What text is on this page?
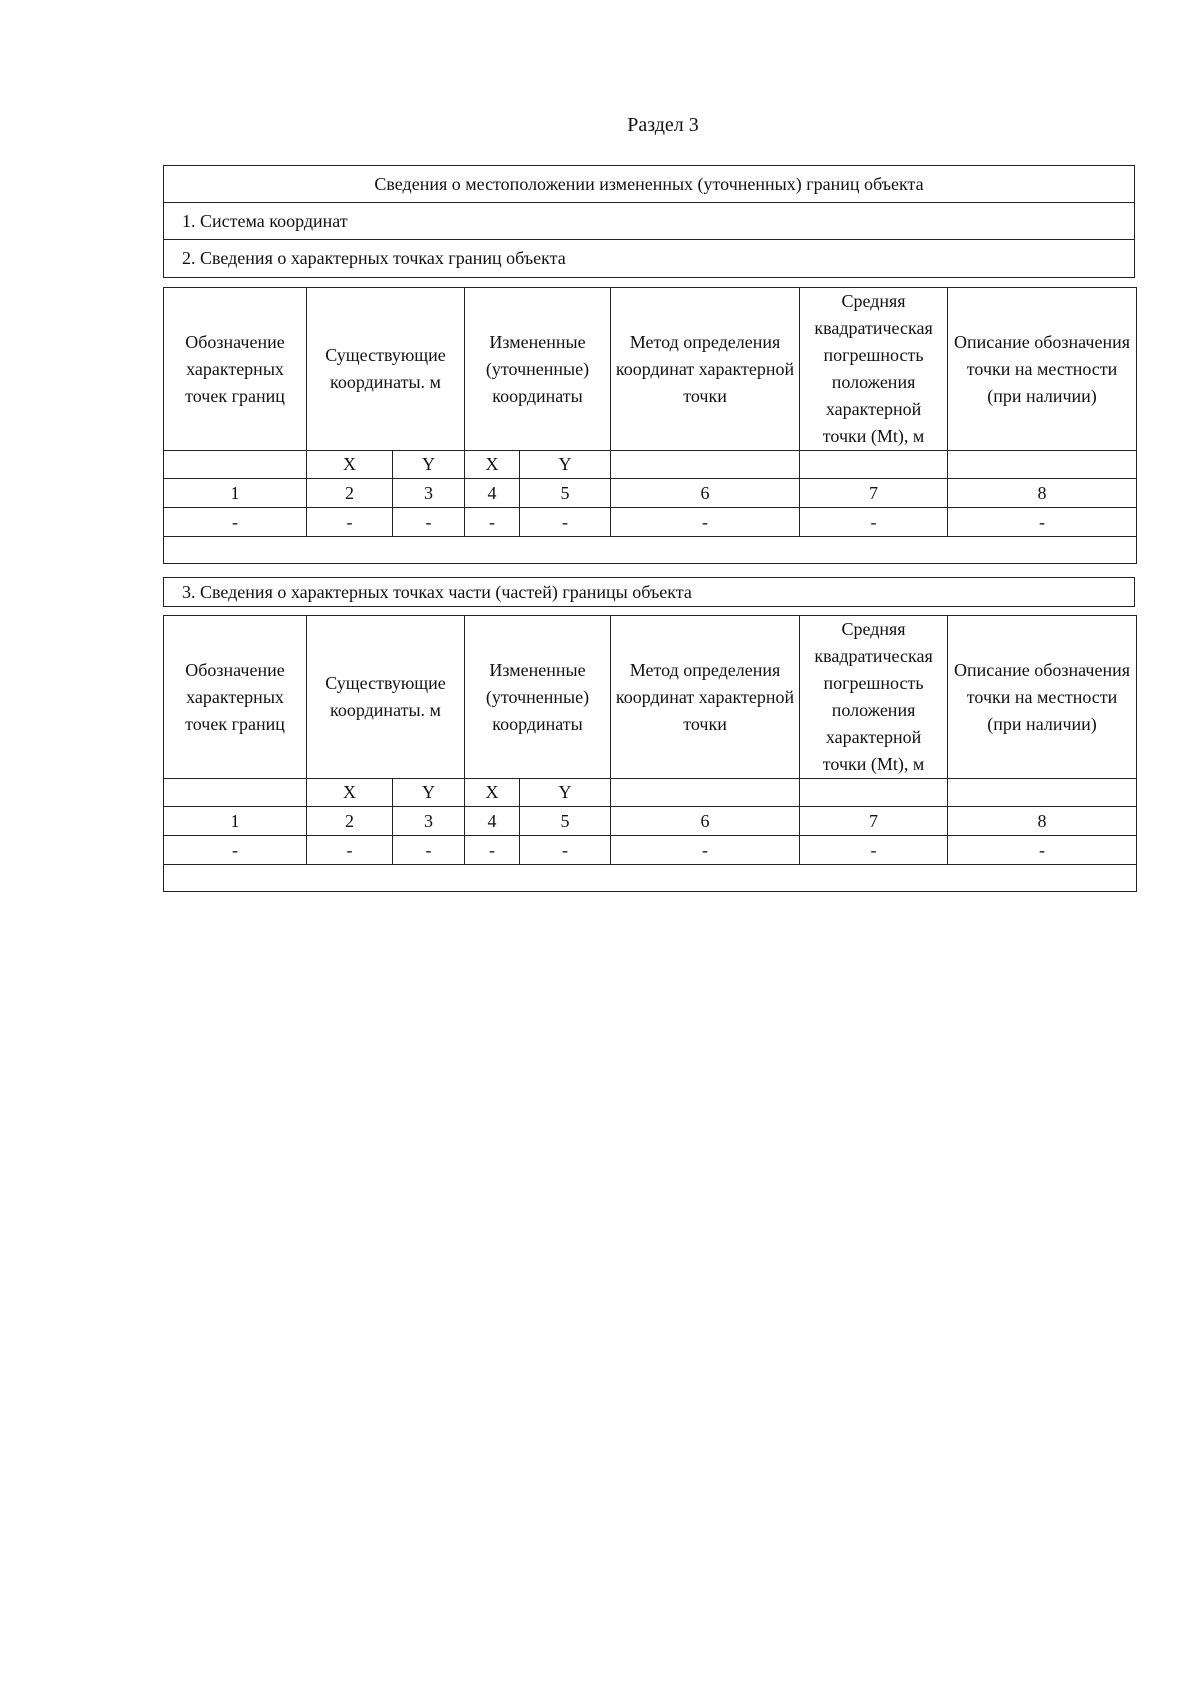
Раздел 3
Сведения о местоположении измененных (уточненных) границ объекта
1. Система координат
2. Сведения о характерных точках границ объекта
Обозначение характерных точек границ	Существующие координаты. м		Измененные (уточненные) координаты		Метод определения координат характерной точки	Средняя квадратическая погрешность положения характерной точки (Mt), м	Описание обозначения точки на местности (при наличии)
	X	Y	X	Y			
1	2	3	4	5	6	7	8
-	-	-	-	-	-	-	-

3. Сведения о характерных точках части (частей) границы объекта
Обозначение характерных точек границ	Существующие координаты. м		Измененные (уточненные) координаты		Метод определения координат характерной точки	Средняя квадратическая погрешность положения характерной точки (Mt), м	Описание обозначения точки на местности (при наличии)
	X	Y	X	Y			
1	2	3	4	5	6	7	8
-	-	-	-	-	-	-	-
